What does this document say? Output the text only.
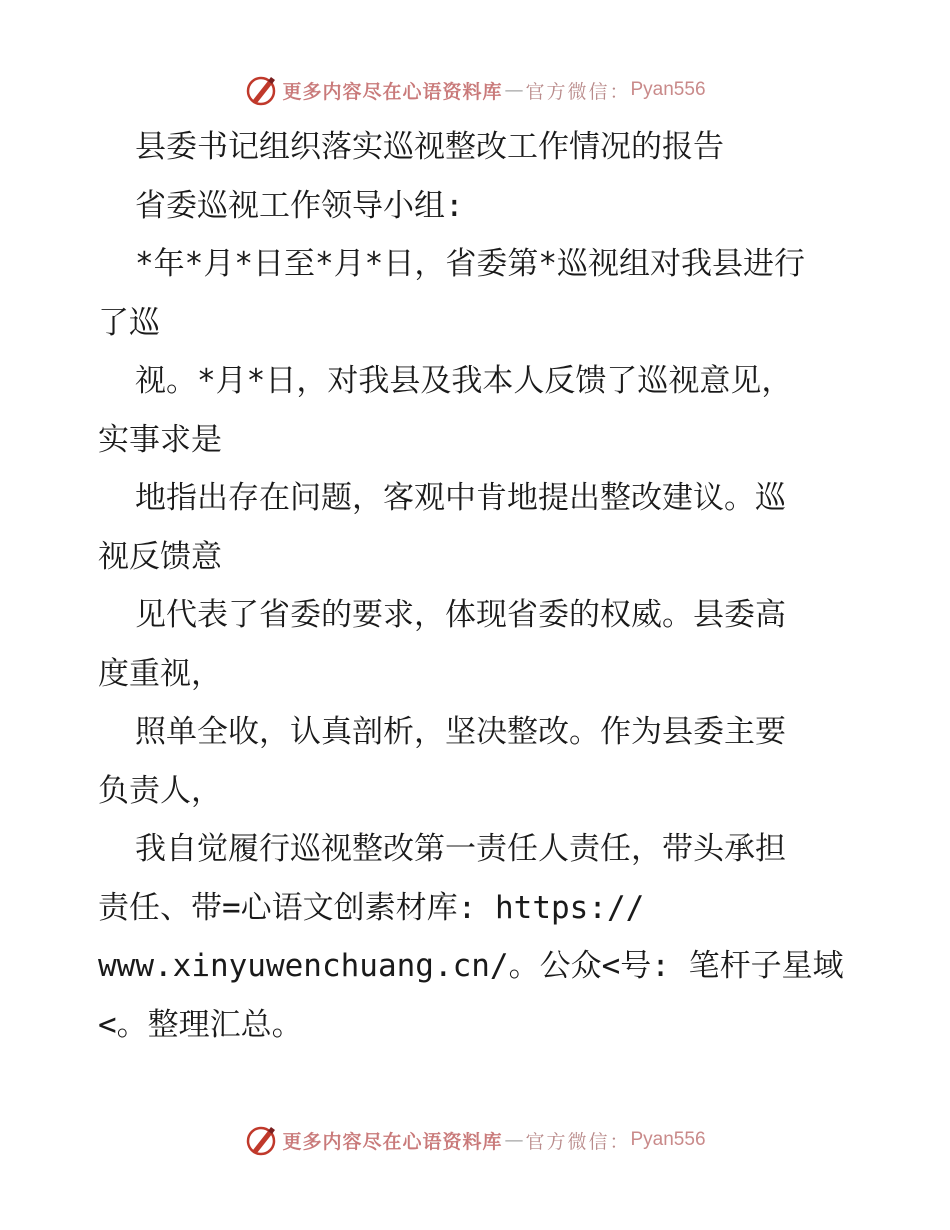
更多内容尽在心语资料库 — 官方微信： Pyan556
县委书记组织落实巡视整改工作情况的报告
省委巡视工作领导小组:
*年*月*日至*月*日，省委第*巡视组对我县进行
了巡
视。*月*日，对我县及我本人反馈了巡视意见，
实事求是
地指出存在问题，客观中肯地提出整改建议。巡
视反馈意
见代表了省委的要求，体现省委的权威。县委高
度重视，
照单全收，认真剖析，坚决整改。作为县委主要
负责人，
我自觉履行巡视整改第一责任人责任，带头承担
责任、带=心语文创素材库: https://
www.xinyuwenchuang.cn/。公众<号: 笔杆子星域
<。整理汇总。
更多内容尽在心语资料库 — 官方微信： Pyan556
